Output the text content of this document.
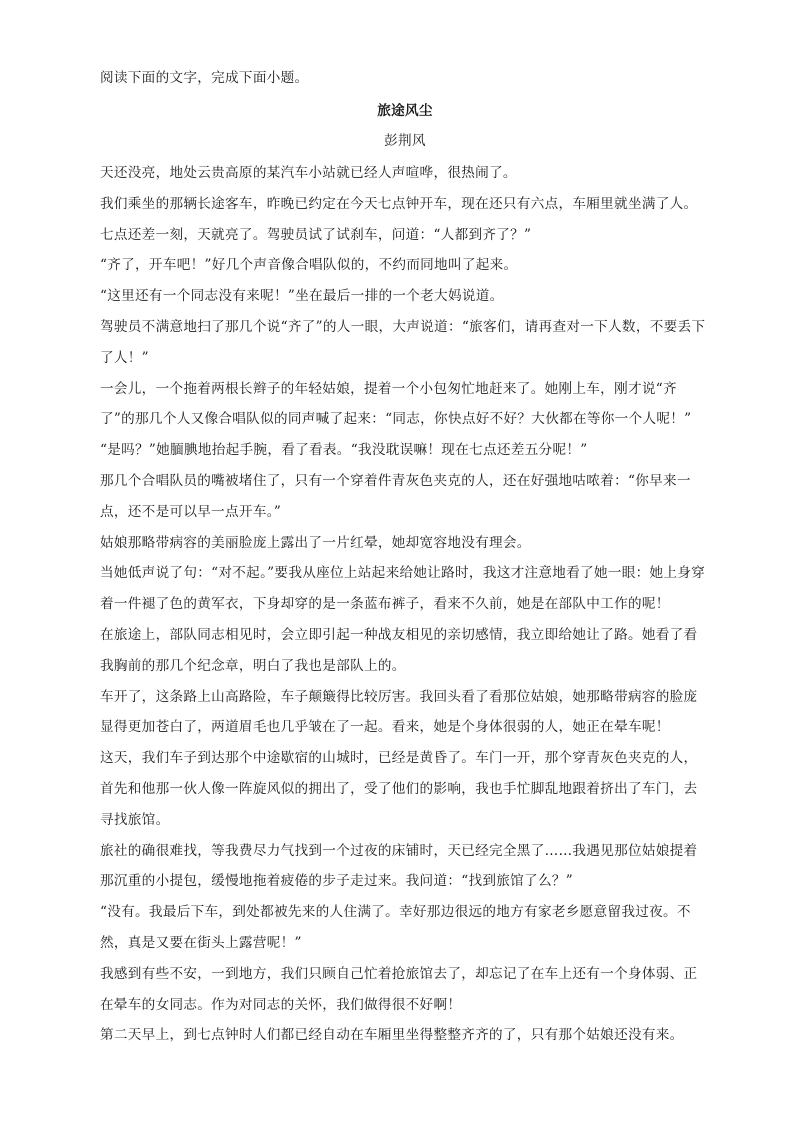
阅读下面的文字，完成下面小题。

旅途风尘
彭荆风

天还没亮，地处云贵高原的某汽车小站就已经人声喧哗，很热闹了。

我们乘坐的那辆长途客车，昨晚已约定在今天七点钟开车，现在还只有六点，车厢里就坐满了人。

七点还差一刻，天就亮了。驾驶员试了试刹车，问道：“人都到齐了？”

“齐了，开车吧！”好几个声音像合唱队似的，不约而同地叫了起来。

“这里还有一个同志没有来呢！”坐在最后一排的一个老大妈说道。

驾驶员不满意地扫了那几个说“齐了”的人一眼，大声说道：“旅客们，请再查对一下人数，不要丢下了人！”

一会儿，一个拖着两根长辫子的年轻姑娘，提着一个小包匆忙地赶来了。她刚上车，刚才说“齐了”的那几个人又像合唱队似的同声喊了起来：“同志，你快点好不好？大伙都在等你一个人呢！”

“是吗？”她腼腆地抬起手腕，看了看表。“我没耽误嘛！现在七点还差五分呢！”

那几个合唱队员的嘴被堵住了，只有一个穿着件青灰色夹克的人，还在好强地咕哝着：“你早来一点，还不是可以早一点开车。”

姑娘那略带病容的美丽脸庞上露出了一片红晕，她却宽容地没有理会。

当她低声说了句：“对不起。”要我从座位上站起来给她让路时，我这才注意地看了她一眼：她上身穿着一件褪了色的黄军衣，下身却穿的是一条蓝布裤子，看来不久前，她是在部队中工作的呢！

在旅途上，部队同志相见时，会立即引起一种战友相见的亲切感情，我立即给她让了路。她看了看我胸前的那几个纪念章，明白了我也是部队上的。

车开了，这条路上山高路险，车子颠簸得比较厉害。我回头看了看那位姑娘，她那略带病容的脸庞显得更加苍白了，两道眉毛也几乎皱在了一起。看来，她是个身体很弱的人，她正在晕车呢！

这天，我们车子到达那个中途歇宿的山城时，已经是黄昏了。车门一开，那个穿青灰色夹克的人，首先和他那一伙人像一阵旋风似的拥出了，受了他们的影响，我也手忙脚乱地跟着挤出了车门，去寻找旅馆。

旅社的确很难找，等我费尽力气找到一个过夜的床铺时，天已经完全黑了……我遇见那位姑娘提着那沉重的小提包，缓慢地拖着疲倦的步子走过来。我问道：“找到旅馆了么？”

“没有。我最后下车，到处都被先来的人住满了。幸好那边很远的地方有家老乡愿意留我过夜。不然，真是又要在街头上露营呢！”

我感到有些不安，一到地方，我们只顾自己忙着抢旅馆去了，却忘记了在车上还有一个身体弱、正在晕车的女同志。作为对同志的关怀，我们做得很不好啊！

第二天早上，到七点钟时人们都已经自动在车厢里坐得整整齐齐的了，只有那个姑娘还没有来。
